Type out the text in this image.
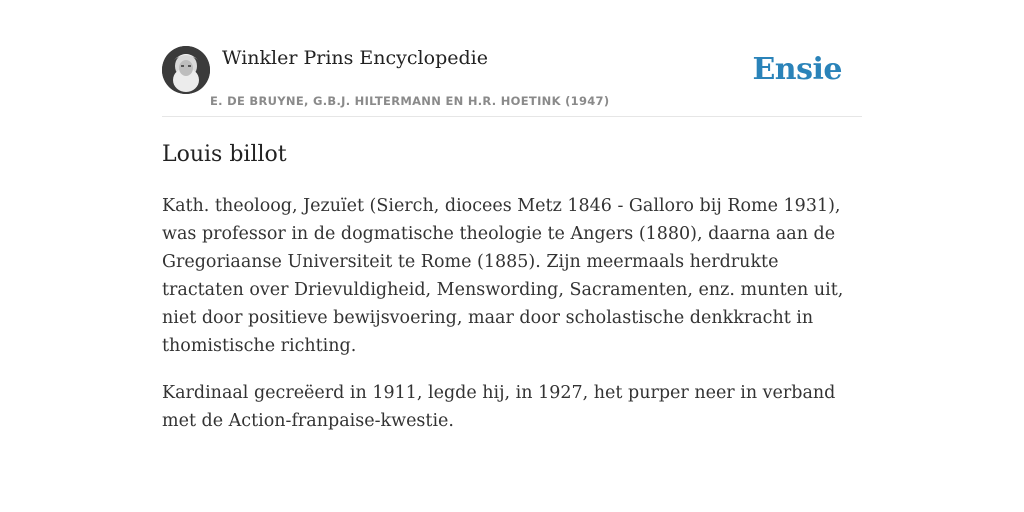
Winkler Prins Encyclopedie
E. DE BRUYNE, G.B.J. HILTERMANN EN H.R. HOETINK (1947)
Ensie
Louis billot

Kath. theoloog, Jezuïet (Sierch, diocees Metz 1846 - Galloro bij Rome 1931), was professor in de dogmatische theologie te Angers (1880), daarna aan de Gregoriaanse Universiteit te Rome (1885). Zijn meermaals herdrukte tractaten over Drievuldigheid, Menswording, Sacramenten, enz. munten uit, niet door positieve bewijsvoering, maar door scholastische denkkracht in thomistische richting.

Kardinaal gecreëerd in 1911, legde hij, in 1927, het purper neer in verband met de Action-franpaise-kwestie.
